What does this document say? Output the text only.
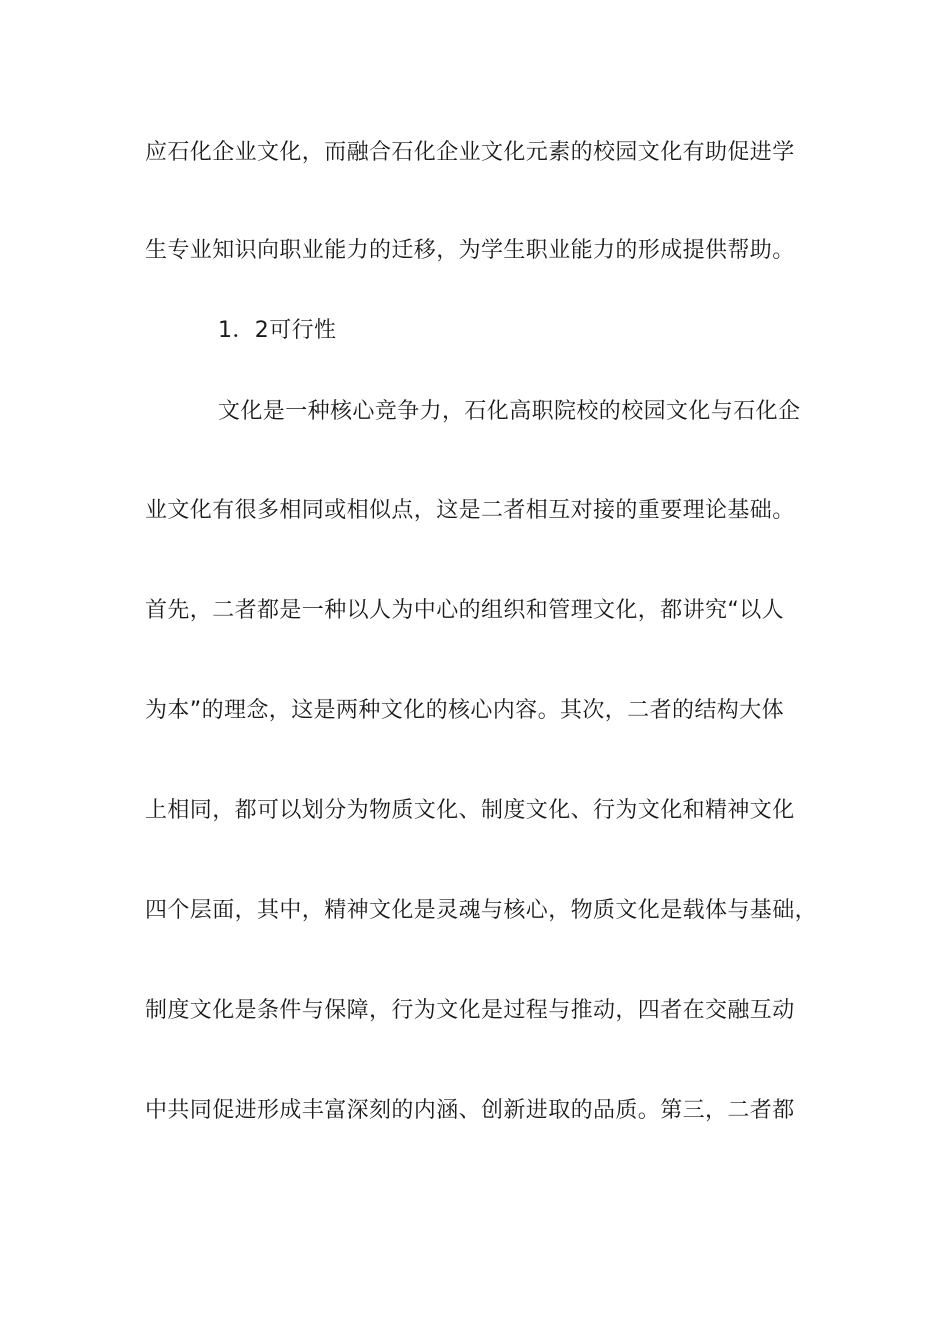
应石化企业文化，而融合石化企业文化元素的校园文化有助促进学
生专业知识向职业能力的迁移，为学生职业能力的形成提供帮助。
1．2可行性
文化是一种核心竞争力，石化高职院校的校园文化与石化企
业文化有很多相同或相似点，这是二者相互对接的重要理论基础。
首先，二者都是一种以人为中心的组织和管理文化，都讲究“以人
为本”的理念，这是两种文化的核心内容。其次，二者的结构大体
上相同，都可以划分为物质文化、制度文化、行为文化和精神文化
四个层面，其中，精神文化是灵魂与核心，物质文化是载体与基础，
制度文化是条件与保障，行为文化是过程与推动，四者在交融互动
中共同促进形成丰富深刻的内涵、创新进取的品质。第三，二者都
